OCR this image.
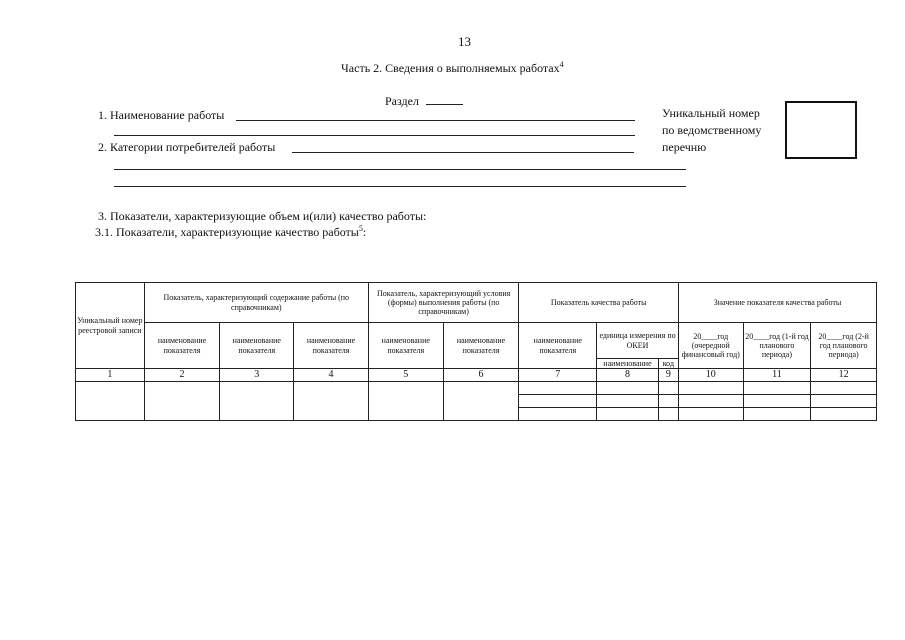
13
Часть 2. Сведения о выполняемых работах$^4$
Раздел
1. Наименование работы
2. Категории потребителей работы
Уникальный номер
по ведомственному
перечню
3. Показатели, характеризующие объем и(или) качество работы:
3.1. Показатели, характеризующие качество работы$^5$:
Уникальный номер реестровой записи	Показатель, характеризующий содержание работы (по справочникам)			Показатель, характеризующий условия (формы) выполнения работы (по справочникам)		Показатель качества работы			Значение показателя качества работы		
	наименование показателя	наименование показателя	наименование показателя	наименование показателя	наименование показателя	наименование показателя	единица измерения по ОКЕИ		20____год (очередной финансовый год)	20____год (1-й год планового периода)	20____год (2-й год планового периода)
							наименование	код			
1	2	3	4	5	6	7	8	9	10	11	12
